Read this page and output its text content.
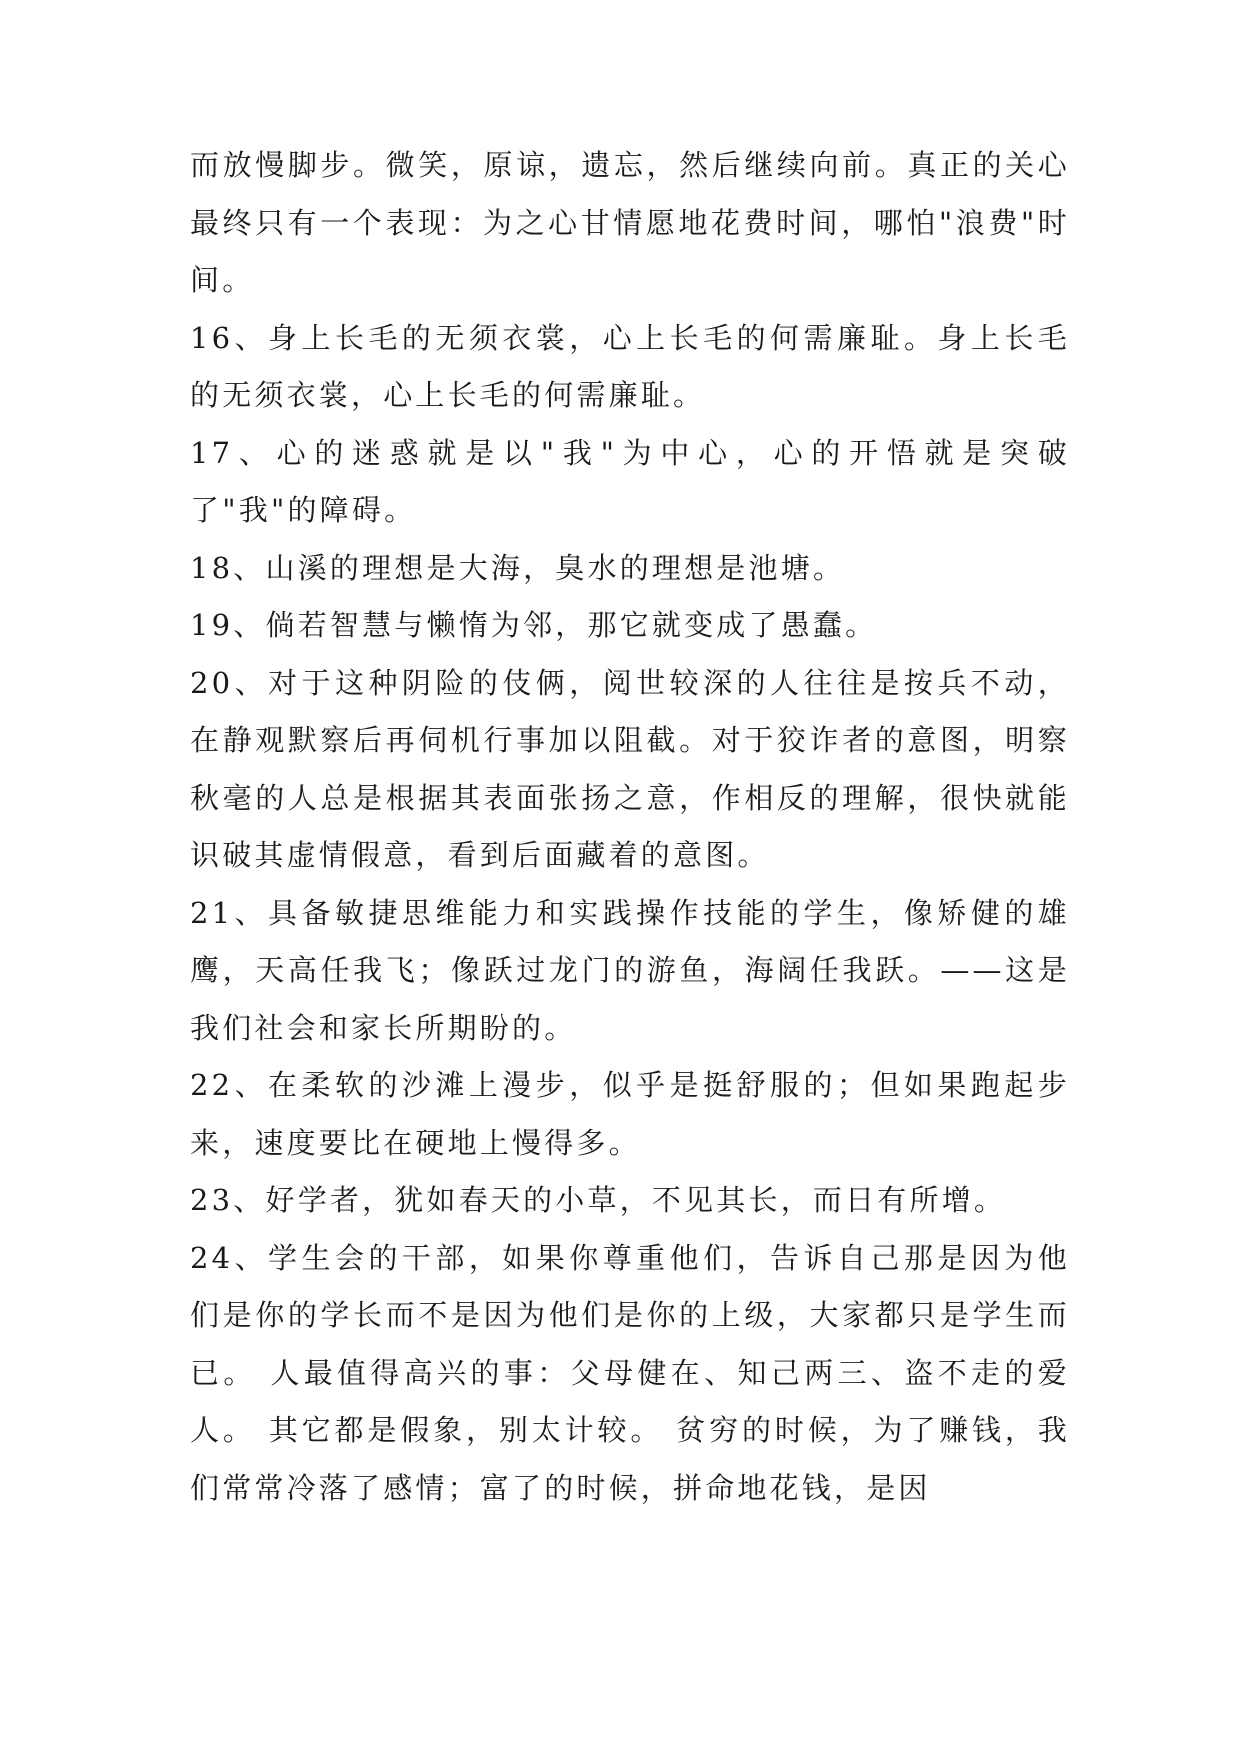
而放慢脚步。微笑，原谅，遗忘，然后继续向前。真正的关心最终只有一个表现：为之心甘情愿地花费时间，哪怕"浪费"时间。

16、身上长毛的无须衣裳，心上长毛的何需廉耻。身上长毛的无须衣裳，心上长毛的何需廉耻。

17、心的迷惑就是以"我"为中心，心的开悟就是突破了"我"的障碍。

18、山溪的理想是大海，臭水的理想是池塘。

19、倘若智慧与懒惰为邻，那它就变成了愚蠢。

20、对于这种阴险的伎俩，阅世较深的人往往是按兵不动，在静观默察后再伺机行事加以阻截。对于狡诈者的意图，明察秋毫的人总是根据其表面张扬之意，作相反的理解，很快就能识破其虚情假意，看到后面藏着的意图。

21、具备敏捷思维能力和实践操作技能的学生，像矫健的雄鹰，天高任我飞；像跃过龙门的游鱼，海阔任我跃。——这是我们社会和家长所期盼的。

22、在柔软的沙滩上漫步，似乎是挺舒服的；但如果跑起步来，速度要比在硬地上慢得多。

23、好学者，犹如春天的小草，不见其长，而日有所增。

24、学生会的干部，如果你尊重他们，告诉自己那是因为他们是你的学长而不是因为他们是你的上级，大家都只是学生而已。 人最值得高兴的事：父母健在、知己两三、盗不走的爱人。 其它都是假象，别太计较。 贫穷的时候，为了赚钱，我们常常冷落了感情；富了的时候，拼命地花钱，是因
